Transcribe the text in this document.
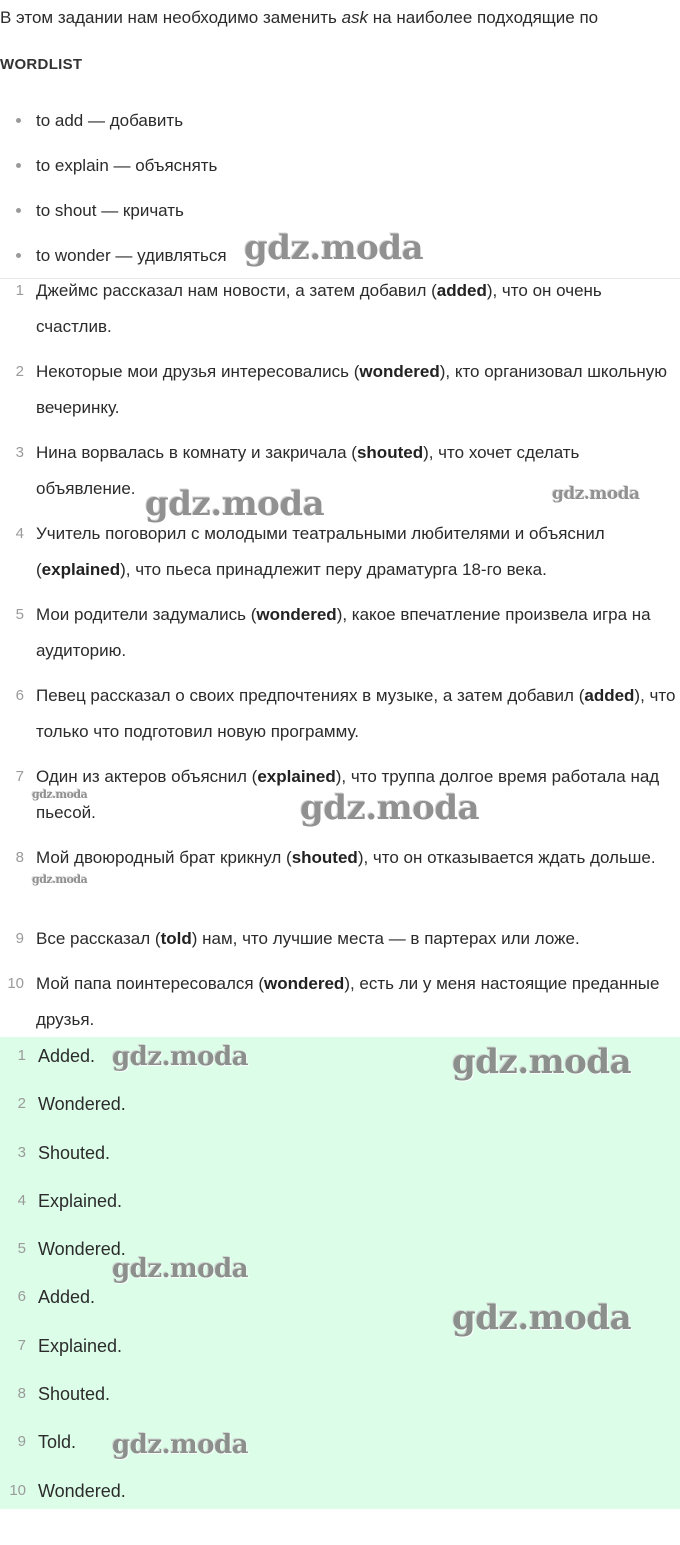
В этом задании нам необходимо заменить ask на наиболее подходящие по
WORDLIST
to add — добавить
to explain — объяснять
to shout — кричать
to wonder — удивляться
1 Джеймс рассказал нам новости, а затем добавил (added), что он очень счастлив.
2 Некоторые мои друзья интересовались (wondered), кто организовал школьную вечеринку.
3 Нина ворвалась в комнату и закричала (shouted), что хочет сделать объявление.
4 Учитель поговорил с молодыми театральными любителями и объяснил (explained), что пьеса принадлежит перу драматурга 18-го века.
5 Мои родители задумались (wondered), какое впечатление произвела игра на аудиторию.
6 Певец рассказал о своих предпочтениях в музыке, а затем добавил (added), что только что подготовил новую программу.
7 Один из актеров объяснил (explained), что труппа долгое время работала над пьесой.
8 Мой двоюродный брат крикнул (shouted), что он отказывается ждать дольше.
9 Все рассказал (told) нам, что лучшие места — в партерах или ложе.
10 Мой папа поинтересовался (wondered), есть ли у меня настоящие преданные друзья.
1 Added.
2 Wondered.
3 Shouted.
4 Explained.
5 Wondered.
6 Added.
7 Explained.
8 Shouted.
9 Told.
10 Wondered.
gdz.moda
gdz.moda	gdz.moda
gdz.moda	gdz.moda
gdz.moda
gdz.moda	gdz.moda
gdz.moda
gdz.moda
gdz.moda
